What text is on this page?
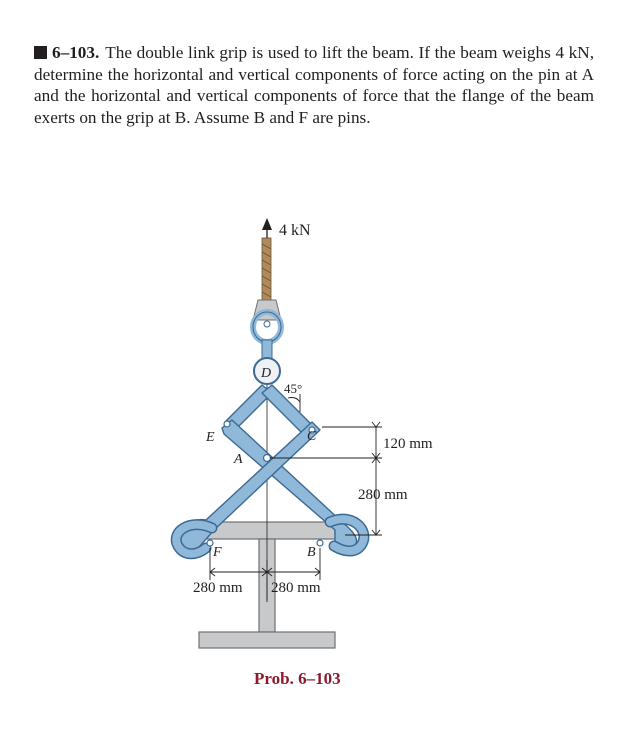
6–103. The double link grip is used to lift the beam. If the beam weighs 4 kN, determine the horizontal and vertical components of force acting on the pin at A and the horizontal and vertical components of force that the flange of the beam exerts on the grip at B. Assume B and F are pins.
4 kN
D
45°
E	C
A
F	B
120 mm
280 mm
280 mm 280 mm
Prob. 6–103
